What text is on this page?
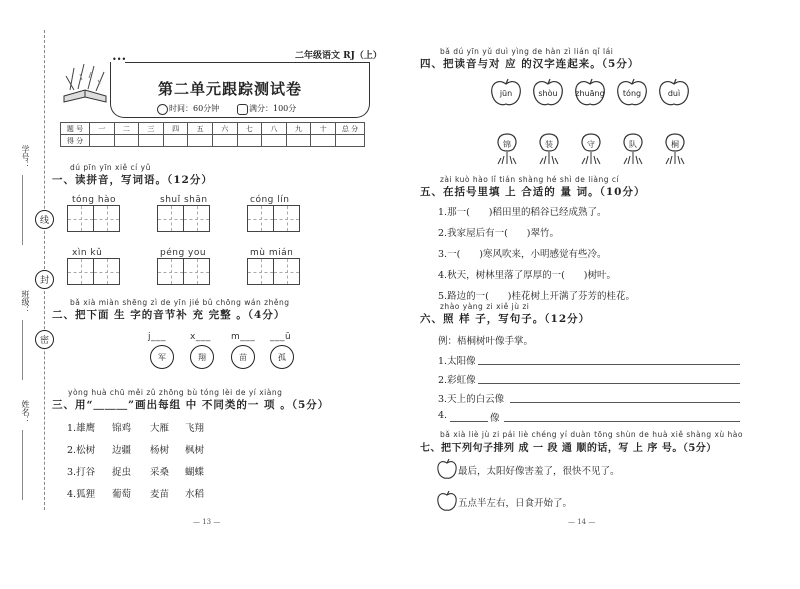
学号：
班级：
姓名：
线
封
密
•••	二年级语文 RJ（上）
第二单元跟踪测试卷
时间：60分钟	满分：100分
题 号	一	二	三	四	五	六	七	八	九	十	总 分
得 分											
dú pīn yīn xiě cí yǔ
一、读拼音，写词语。（12分）
tóng hào	shuǐ shān	cóng lín
xìn kǔ	péng you	mù mián
bǎ xià miàn shēng zì de yīn jié bǔ chōng wán zhěng
二、把下面 生 字的音节补 充 完整 。（4分）
j___	x___ m___ ___ū
军	翔	苗	孤
yòng huà chū měi zǔ zhōng bù tóng lèi de yí xiàng
三、用“＿＿＿”画出每组 中 不同类的一 项 。（5分）
1.雄鹰 锦鸡 大雁 飞翔
2.松树 边疆 杨树 枫树
3.打谷 捉虫 采桑 蝴蝶
4.狐狸 葡萄 麦苗 水稻
— 13 —
bǎ dú yīn yǔ duì yìng de hàn zì lián qǐ lái
四、把读音与对 应 的汉字连起来。（5分）
jūn	shòu	zhuāng	tóng	duì
锦	装	守	队	桐
zài kuò hào lǐ tián shàng hé shì de liàng cí
五、在括号里填 上 合适的 量 词。（10分）
1.那一(　　)稻田里的稻谷已经成熟了。
2.我家屋后有一(　　)翠竹。
3.一(　　)寒风吹来，小明感觉有些冷。
4.秋天，树林里落了厚厚的一(　　)树叶。
5.路边的一(　　)桂花树上开满了芬芳的桂花。
zhào yàng zi xiě jù zi
六、照 样 子，写句子。（12分）
例：梧桐树叶像手掌。
1.太阳像
2.彩虹像
3.天上的白云像
4.	像
bǎ xià liè jù zi pái liè chéng yí duàn tōng shùn de huà xiě shàng xù hào
七、把下列句子排列 成 一 段 通 顺的话，写 上 序 号。（5分）
最后，太阳好像害羞了，很快不见了。
五点半左右，日食开始了。
— 14 —
